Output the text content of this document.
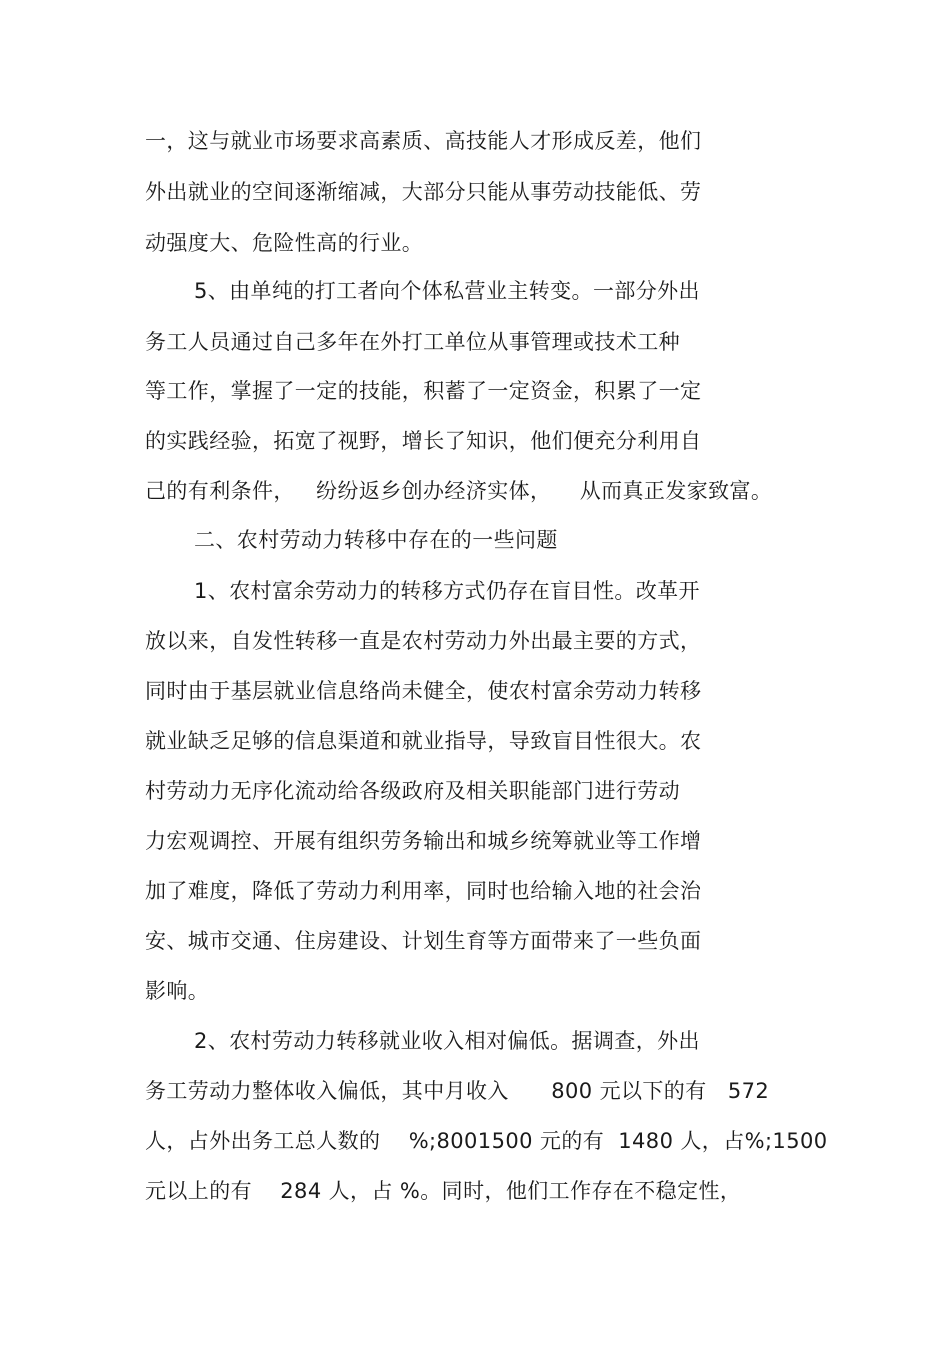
一，这与就业市场要求高素质、高技能人才形成反差，他们
外出就业的空间逐渐缩减，大部分只能从事劳动技能低、劳
动强度大、危险性高的行业。
5、由单纯的打工者向个体私营业主转变。一部分外出
务工人员通过自己多年在外打工单位从事管理或技术工种
等工作，掌握了一定的技能，积蓄了一定资金，积累了一定
的实践经验，拓宽了视野，增长了知识，他们便充分利用自
己的有利条件，   纷纷返乡创办经济实体，    从而真正发家致富。
二、农村劳动力转移中存在的一些问题
1、农村富余劳动力的转移方式仍存在盲目性。改革开
放以来，自发性转移一直是农村劳动力外出最主要的方式，
同时由于基层就业信息络尚未健全，使农村富余劳动力转移
就业缺乏足够的信息渠道和就业指导，导致盲目性很大。农
村劳动力无序化流动给各级政府及相关职能部门进行劳动
力宏观调控、开展有组织劳务输出和城乡统筹就业等工作增
加了难度，降低了劳动力利用率，同时也给输入地的社会治
安、城市交通、住房建设、计划生育等方面带来了一些负面
影响。
2、农村劳动力转移就业收入相对偏低。据调查，外出
务工劳动力整体收入偏低，其中月收入      800 元以下的有   572
人，占外出务工总人数的    %;8001500 元的有  1480 人，占%;1500
元以上的有    284 人，占 %。同时，他们工作存在不稳定性，
